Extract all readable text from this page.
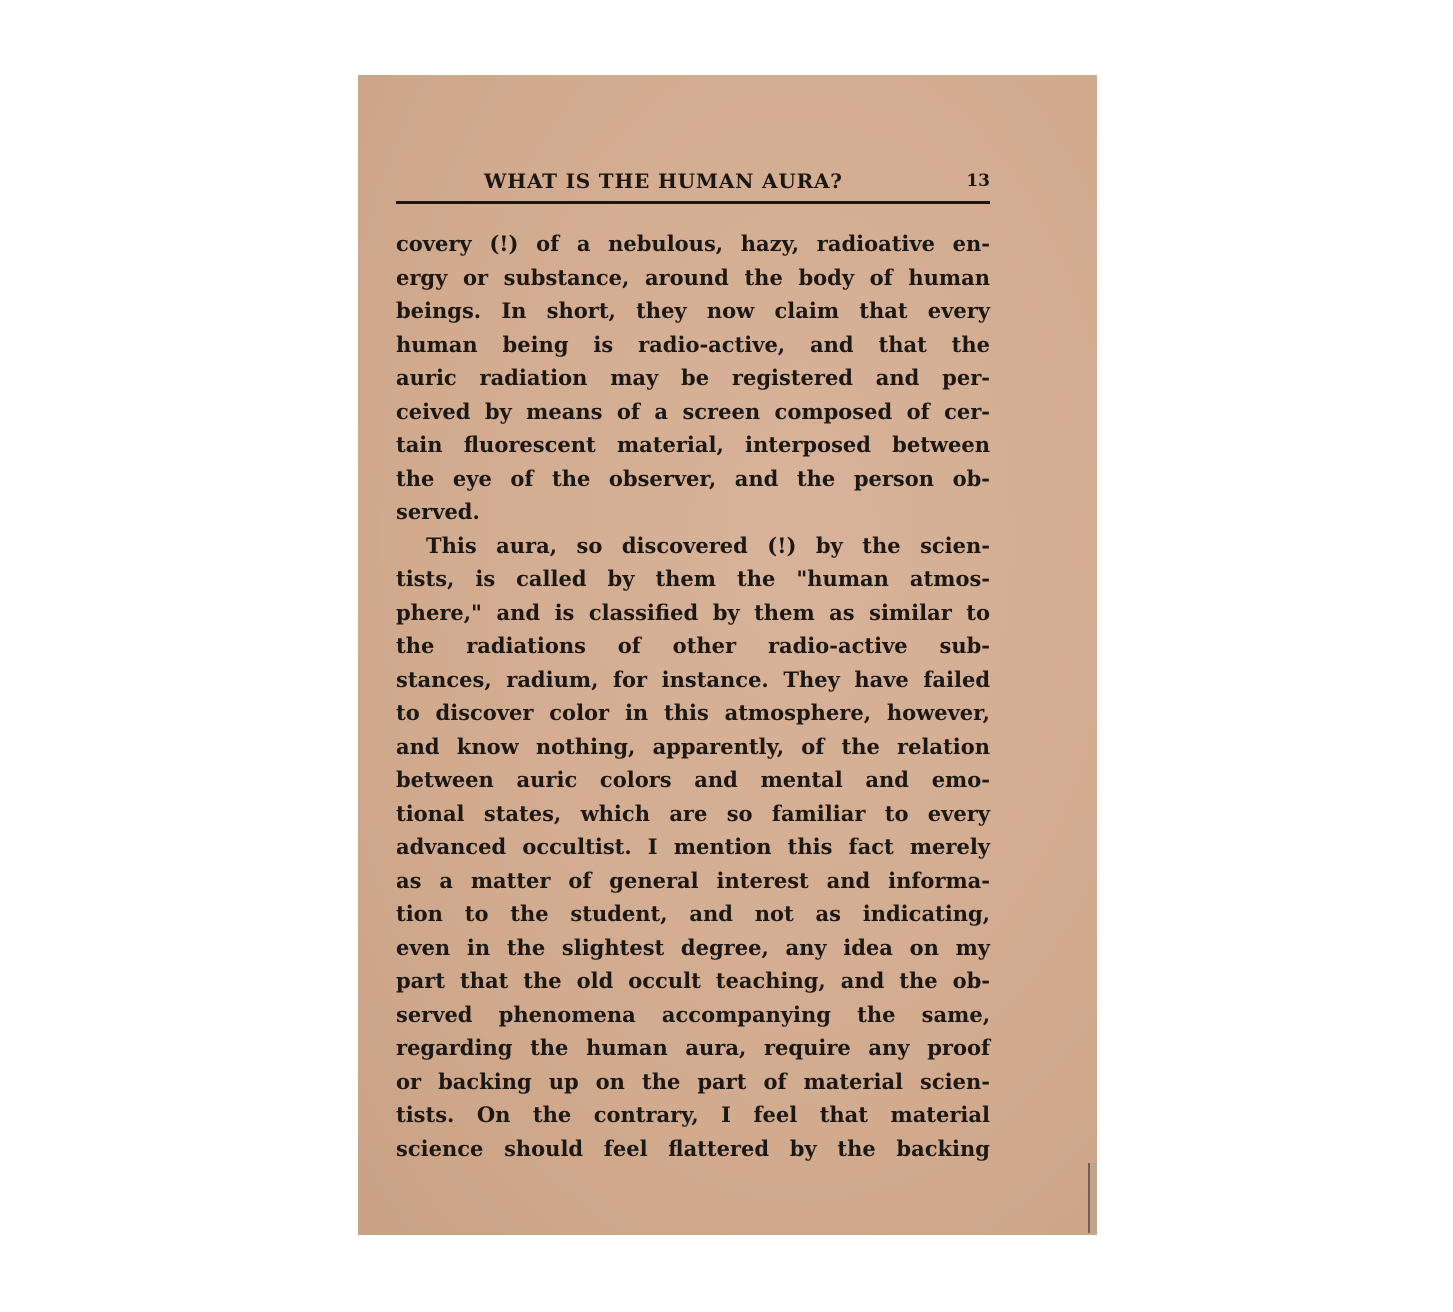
WHAT IS THE HUMAN AURA?	13
covery (!) of a nebulous, hazy, radioative en-
ergy or substance, around the body of human
beings. In short, they now claim that every
human being is radio-active, and that the
auric radiation may be registered and per-
ceived by means of a screen composed of cer-
tain fluorescent material, interposed between
the eye of the observer, and the person ob-
served.
This aura, so discovered (!) by the scien-
tists, is called by them the "human atmos-
phere," and is classified by them as similar to
the radiations of other radio-active sub-
stances, radium, for instance. They have failed
to discover color in this atmosphere, however,
and know nothing, apparently, of the relation
between auric colors and mental and emo-
tional states, which are so familiar to every
advanced occultist. I mention this fact merely
as a matter of general interest and informa-
tion to the student, and not as indicating,
even in the slightest degree, any idea on my
part that the old occult teaching, and the ob-
served phenomena accompanying the same,
regarding the human aura, require any proof
or backing up on the part of material scien-
tists. On the contrary, I feel that material
science should feel flattered by the backing
